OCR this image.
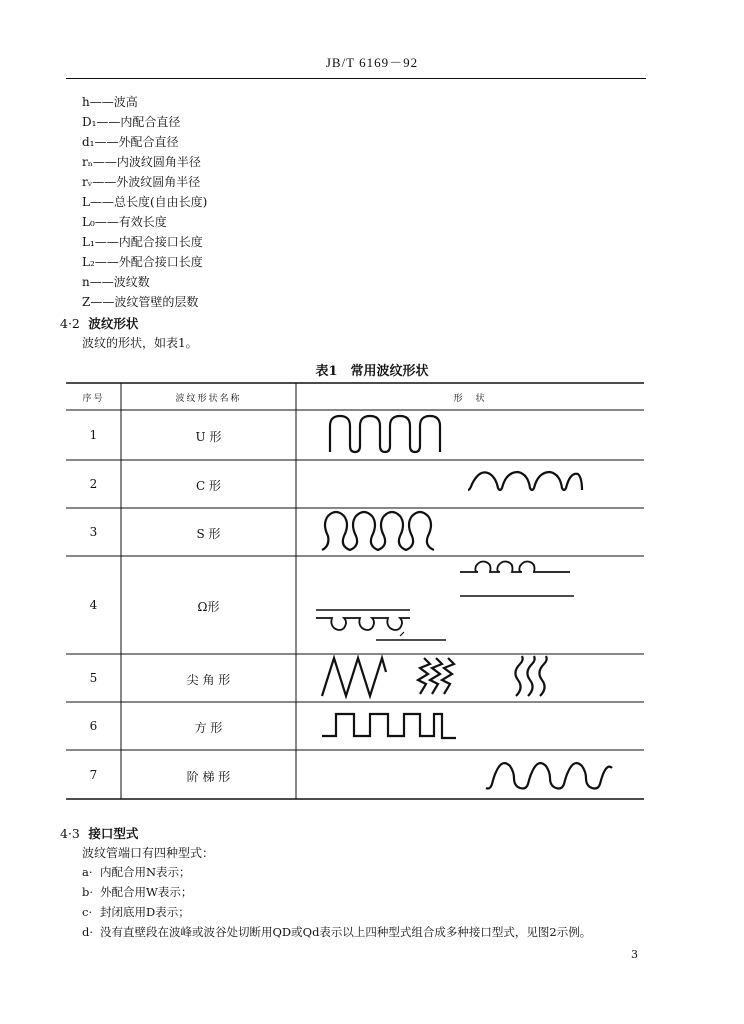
JB/T 6169－92
h——波高
D₁——内配合直径
d₁——外配合直径
rₙ——内波纹圆角半径
rᵥ——外波纹圆角半径
L——总长度(自由长度)
L₀——有效长度
L₁——内配合接口长度
L₂——外配合接口长度
n——波纹数
Z——波纹管壁的层数
4·2 波纹形状
波纹的形状，如表1。
表1　常用波纹形状
序号	波纹形状名称	形　状
1	U 形
2	C 形
3	S 形
4	Ω形
5	尖 角 形
6	方 形
7	阶 梯 形
4·3 接口型式
波纹管端口有四种型式：
a· 内配合用N表示；
b· 外配合用W表示；
c· 封闭底用D表示；
d· 没有直壁段在波峰或波谷处切断用QD或Qd表示以上四种型式组合成多种接口型式，见图2示例。
3
